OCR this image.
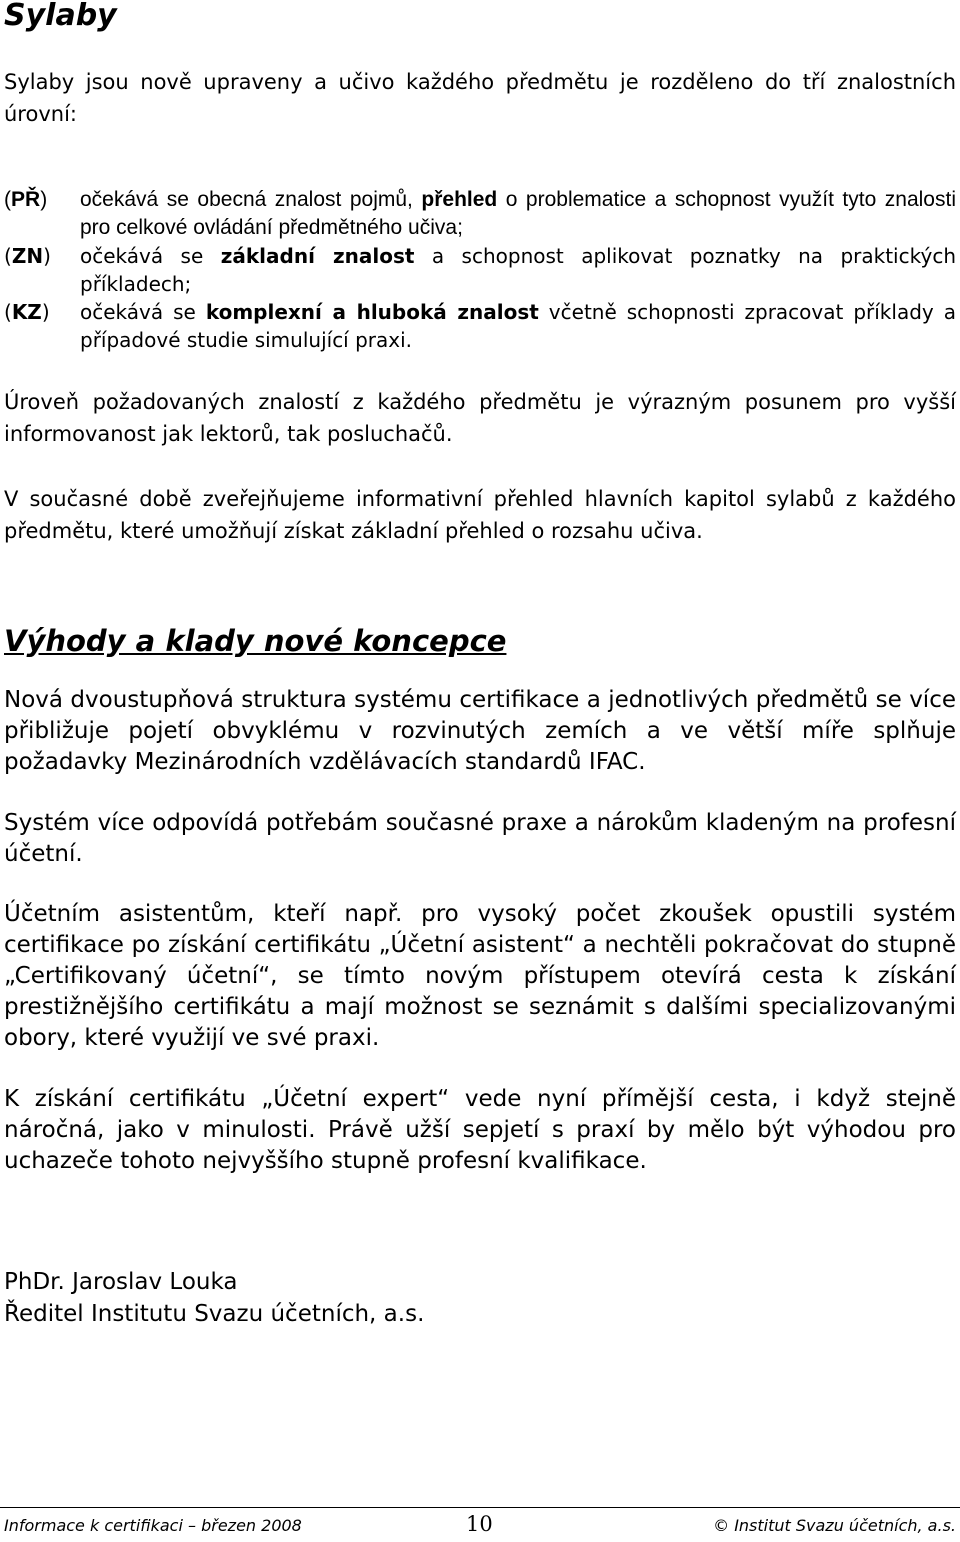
Sylaby

Sylaby jsou nově upraveny a učivo každého předmětu je rozděleno do tří znalostních úrovní:

(PŘ) očekává se obecná znalost pojmů, přehled o problematice a schopnost využít tyto znalosti pro celkové ovládání předmětného učiva;
(ZN) očekává se základní znalost a schopnost aplikovat poznatky na praktických příkladech;
(KZ) očekává se komplexní a hluboká znalost včetně schopnosti zpracovat příklady a případové studie simulující praxi.

Úroveň požadovaných znalostí z každého předmětu je výrazným posunem pro vyšší informovanost jak lektorů, tak posluchačů.

V současné době zveřejňujeme informativní přehled hlavních kapitol sylabů z každého předmětu, které umožňují získat základní přehled o rozsahu učiva.

Výhody a klady nové koncepce

Nová dvoustupňová struktura systému certifikace a jednotlivých předmětů se více přibližuje pojetí obvyklému v rozvinutých zemích a ve větší míře splňuje požadavky Mezinárodních vzdělávacích standardů IFAC.

Systém více odpovídá potřebám současné praxe a nárokům kladeným na profesní účetní.

Účetním asistentům, kteří např. pro vysoký počet zkoušek opustili systém certifikace po získání certifikátu „Účetní asistent“ a nechtěli pokračovat do stupně „Certifikovaný účetní“, se tímto novým přístupem otevírá cesta k získání prestižnějšího certifikátu a mají možnost se seznámit s dalšími specializovanými obory, které využijí ve své praxi.

K získání certifikátu „Účetní expert“ vede nyní přímější cesta, i když stejně náročná, jako v minulosti. Právě užší sepjetí s praxí by mělo být výhodou pro uchazeče tohoto nejvyššího stupně profesní kvalifikace.

PhDr. Jaroslav Louka
Ředitel Institutu Svazu účetních, a.s.
Informace k certifikaci – březen 2008	10	© Institut Svazu účetních, a.s.
